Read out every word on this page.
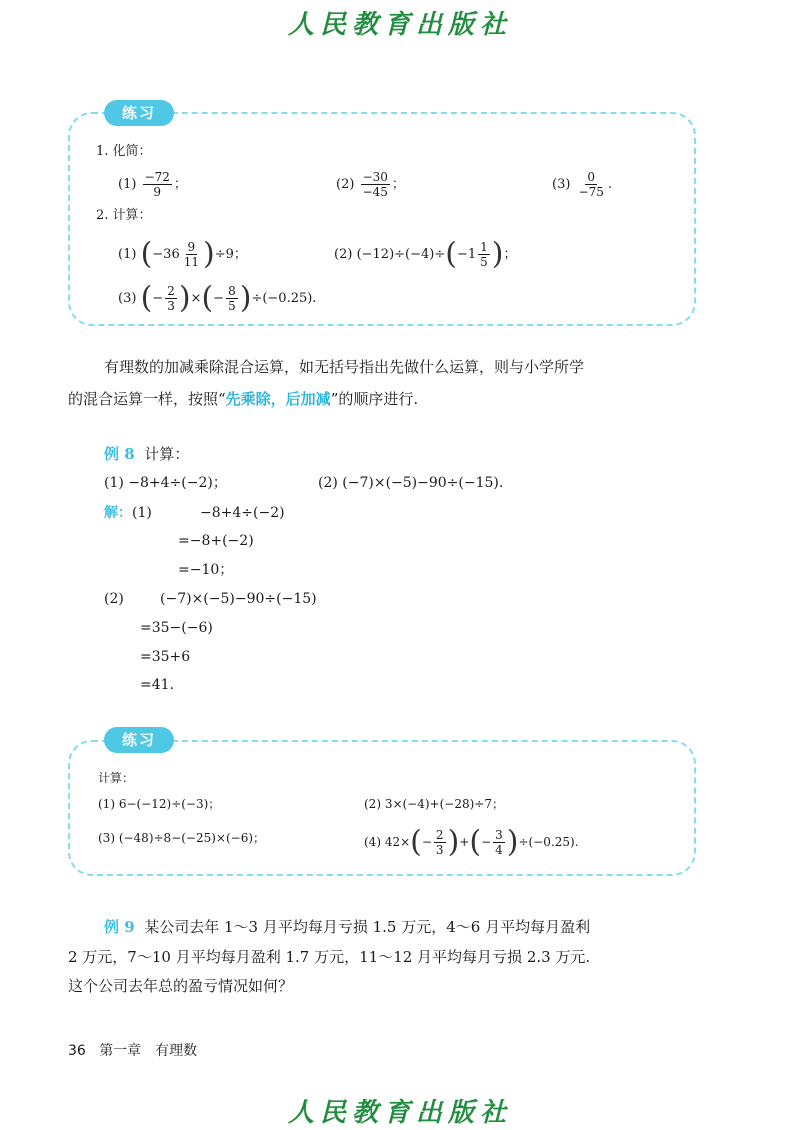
人民教育出版社
练习
1. 化简：
$(1) \frac{-72}{9}$ ；	$(2) \frac{-30}{-45}$ ；	$(3) \frac{0}{-75}$ .
2. 计算：
(1) $(-36 \frac{9}{11} )\div 9$；	(2) $(-12)\div(-4)\div(-1 \frac{1}{5}$ )；
(3) (− $\frac{2}{3}$ )×(− $\frac{8}{5} )\div(-0.25)$.
有理数的加减乘除混合运算，如无括号指出先做什么运算，则与小学所学
的混合运算一样，按照“先乘除，后加减”的顺序进行.
例 8 计算：
(1) −8+4÷(−2)；	(2) (−7)×(−5)−90÷(−15).
解：(1)	−8+4÷(−2)
=−8+(−2)
=−10；
(2)	(−7)×(−5)−90÷(−15)
=35−(−6)
=35+6
=41.
练习
计算：
(1) 6−(−12)÷(−3)；	(2) 3×(−4)+(−28)÷7；
(3) (−48)÷8−(−25)×(−6)；	(4) $42\times(- \frac{2}{3}$ )+(− $\frac{3}{4} )\div(-0.25)$.
例 9 某公司去年 1～3 月平均每月亏损 1.5 万元，4～6 月平均每月盈利
2 万元，7～10 月平均每月盈利 1.7 万元，11～12 月平均每月亏损 2.3 万元.
这个公司去年总的盈亏情况如何？
36 第一章　有理数
人民教育出版社
